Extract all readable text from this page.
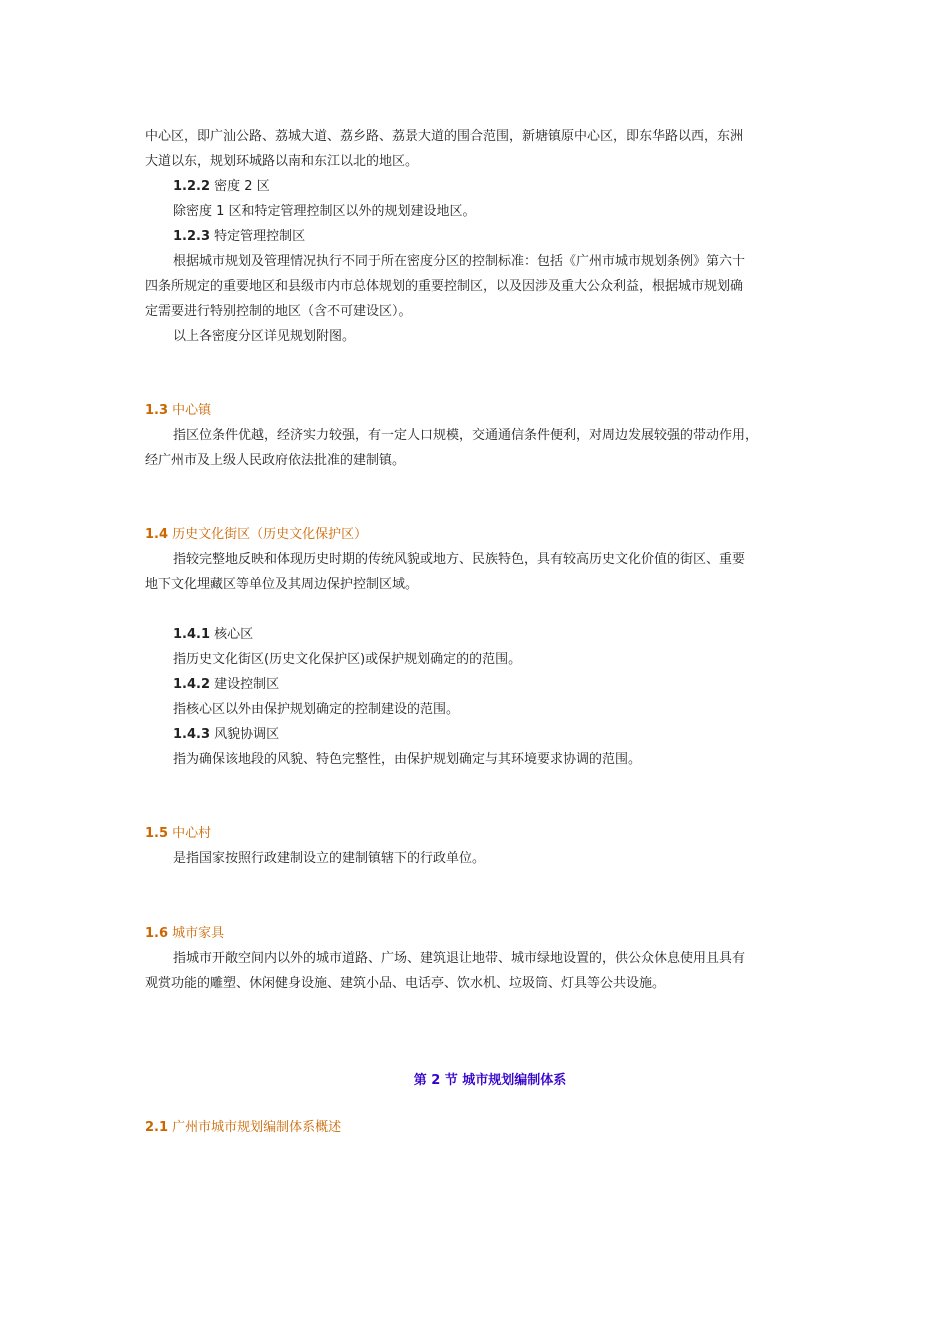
中心区，即广汕公路、荔城大道、荔乡路、荔景大道的围合范围，新塘镇原中心区，即东华路以西，东洲
大道以东，规划环城路以南和东江以北的地区。
1.2.2 密度 2 区
除密度 1 区和特定管理控制区以外的规划建设地区。
1.2.3 特定管理控制区
根据城市规划及管理情况执行不同于所在密度分区的控制标准：包括《广州市城市规划条例》第六十
四条所规定的重要地区和县级市内市总体规划的重要控制区，以及因涉及重大公众利益，根据城市规划确
定需要进行特别控制的地区（含不可建设区）。
以上各密度分区详见规划附图。
1.3 中心镇
指区位条件优越，经济实力较强，有一定人口规模，交通通信条件便利，对周边发展较强的带动作用，
经广州市及上级人民政府依法批准的建制镇。
1.4 历史文化街区（历史文化保护区）
指较完整地反映和体现历史时期的传统风貌或地方、民族特色，具有较高历史文化价值的街区、重要
地下文化埋藏区等单位及其周边保护控制区域。
1.4.1 核心区
指历史文化街区(历史文化保护区)或保护规划确定的的范围。
1.4.2 建设控制区
指核心区以外由保护规划确定的控制建设的范围。
1.4.3 风貌协调区
指为确保该地段的风貌、特色完整性，由保护规划确定与其环境要求协调的范围。
1.5 中心村
是指国家按照行政建制设立的建制镇辖下的行政单位。
1.6 城市家具
指城市开敞空间内以外的城市道路、广场、建筑退让地带、城市绿地设置的，供公众休息使用且具有
观赏功能的雕塑、休闲健身设施、建筑小品、电话亭、饮水机、垃圾筒、灯具等公共设施。
第 2 节 城市规划编制体系
2.1 广州市城市规划编制体系概述
